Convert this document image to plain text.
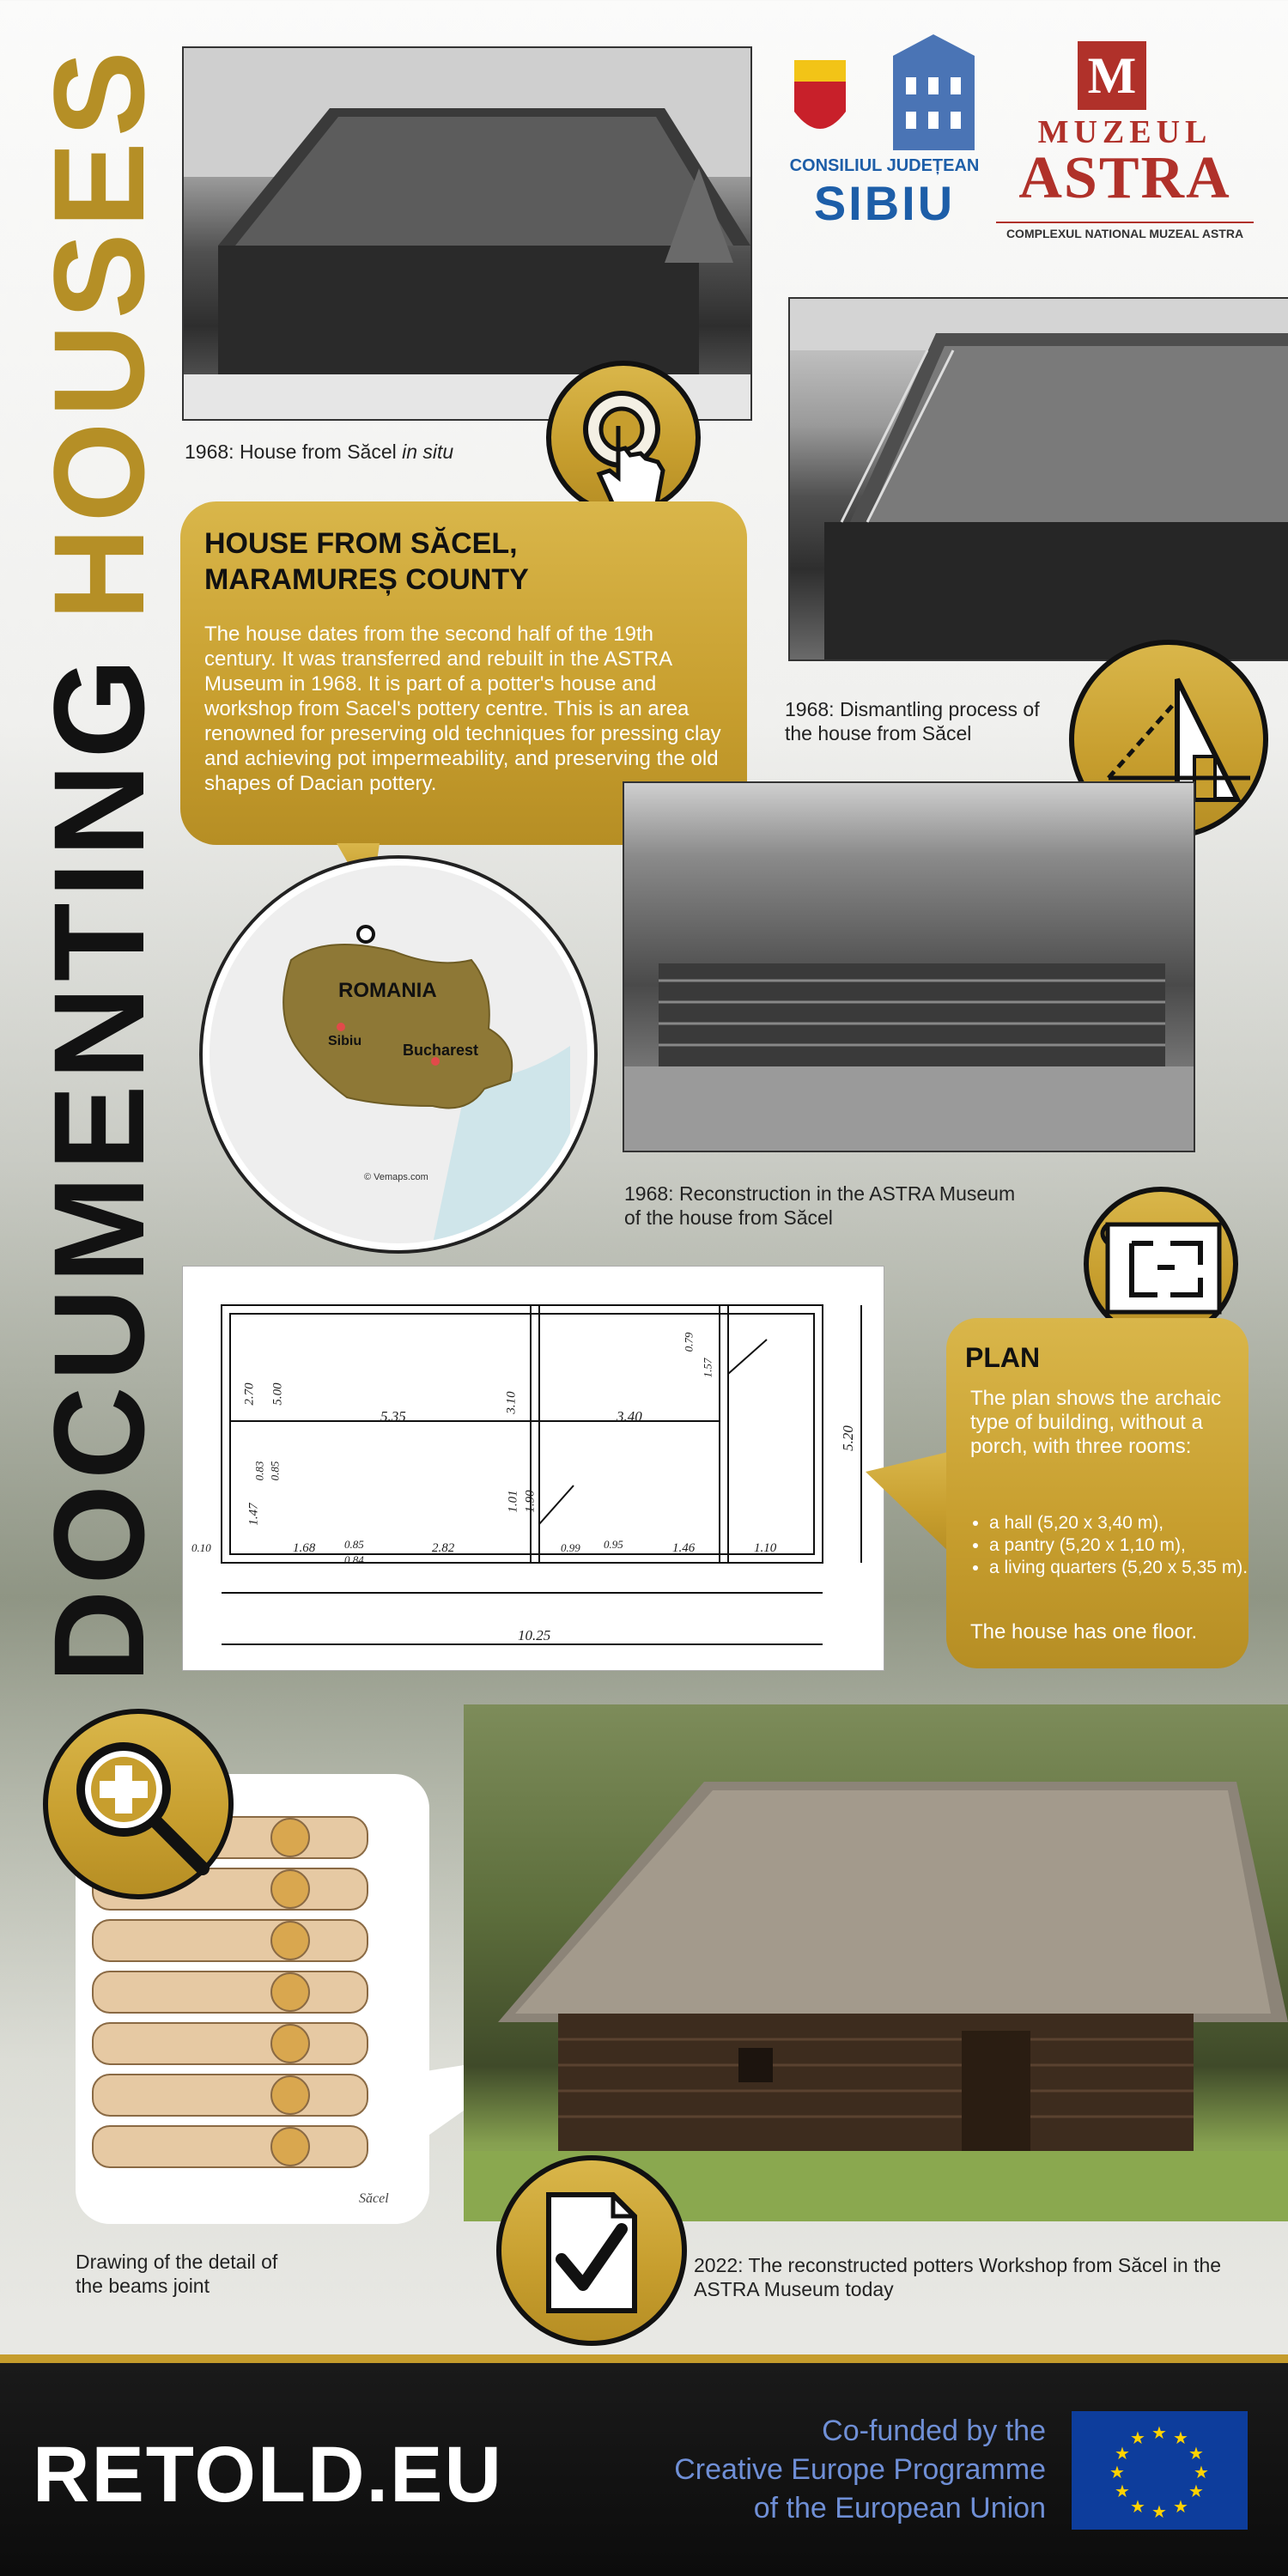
DOCUMENTINGHOUSES 1968: House from Săcel in situ
CONSILIUL JUDEȚEAN
SIBIU
M
MUZEUL
ASTRA
COMPLEXUL NATIONAL MUZEAL ASTRA
1968: Dismantling process of the house from Săcel
HOUSE FROM SĂCEL, MARAMUREȘ COUNTY
The house dates from the second half of the 19th century. It was transferred and rebuilt in the ASTRA Museum in 1968. It is part of a potter's house and workshop from Sacel's pottery centre. This is an area renowned for preserving old techniques for pressing clay and achieving pot impermeability, and preserving the old shapes of Dacian pottery.
ROMANIA
Sibiu
Bucharest
© Vemaps.com
1968: Reconstruction in the ASTRA Museum of the house from Săcel
5.35	3.40
10.25
5.20
2.70 5.00
1.68	2.82	1.46	1.10
0.85
0.84
0.99 0.95
1.47
3.10
1.01 1.90
0.83 0.85
0.79
1.57
0.10
PLAN
The plan shows the archaic type of building, without a porch, with three rooms:
• a hall (5,20 x 3,40 m),
• a pantry (5,20 x 1,10 m),
• a living quarters (5,20 x 5,35 m).
The house has one floor.
Săcel
Drawing of the detail of the beams joint
2022: The reconstructed potters Workshop from Săcel in the ASTRA Museum today
RETOLD.EU	Co-funded by the
Creative Europe Programme
of the European Union
★ ★
★
★
★
★
★
★
★
★
★
★
